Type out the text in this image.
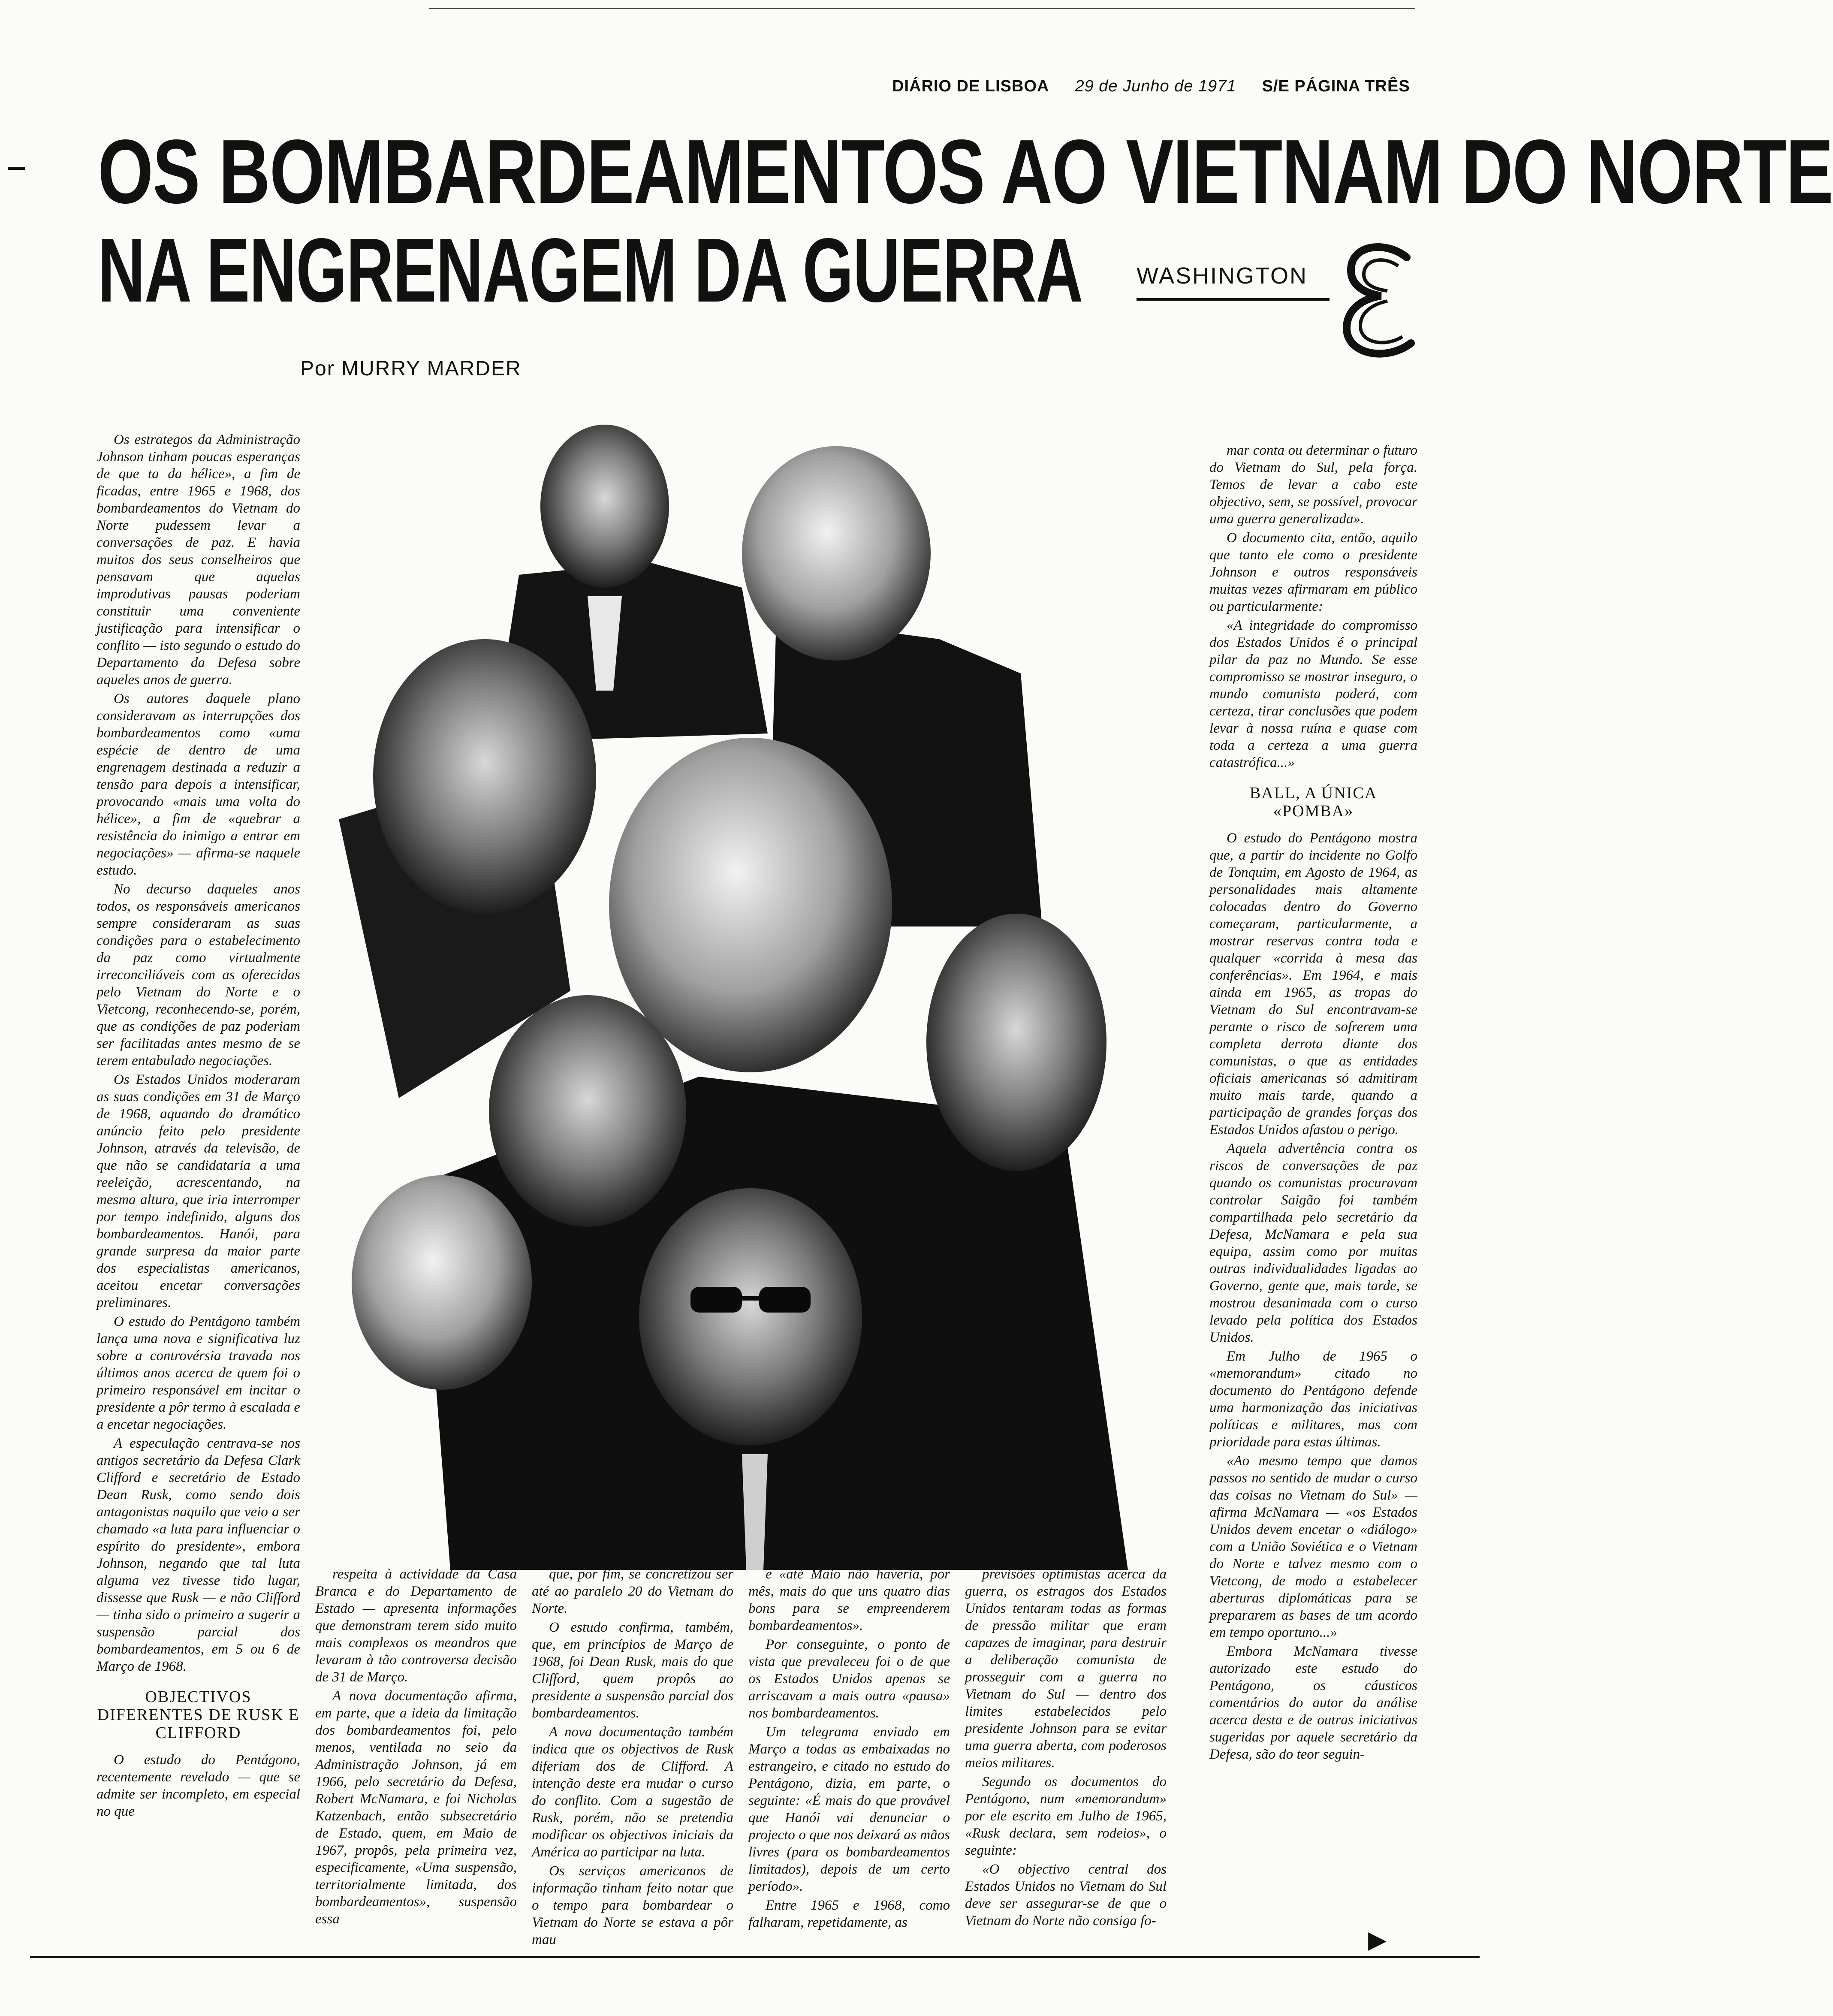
DIÁRIO DE LISBOA 29 de Junho de 1971 S/E PÁGINA TRÊS
OS BOMBARDEAMENTOS AO VIETNAM DO NORTE
NA ENGRENAGEM DA GUERRA WASHINGTON
Por MURRY MARDER

Os estrategos da Administração Johnson tinham poucas esperanças de que ta da hélice», a fim de ficadas, entre 1965 e 1968, dos bombardeamentos do Vietnam do Norte pudessem levar a conversações de paz. E havia muitos dos seus conselheiros que pensavam que aquelas improdutivas pausas poderiam constituir uma conveniente justificação para intensificar o conflito — isto segundo o estudo do Departamento da Defesa sobre aqueles anos de guerra.

Os autores daquele plano consideravam as interrupções dos bombardeamentos como «uma espécie de dentro de uma engrenagem destinada a reduzir a tensão para depois a intensificar, provocando «mais uma volta do hélice», a fim de «quebrar a resistência do inimigo a entrar em negociações» — afirma-se naquele estudo.

No decurso daqueles anos todos, os responsáveis americanos sempre consideraram as suas condições para o estabelecimento da paz como virtualmente irreconciliáveis com as oferecidas pelo Vietnam do Norte e o Vietcong, reconhecendo-se, porém, que as condições de paz poderiam ser facilitadas antes mesmo de se terem entabulado negociações.

Os Estados Unidos moderaram as suas condições em 31 de Março de 1968, aquando do dramático anúncio feito pelo presidente Johnson, através da televisão, de que não se candidataria a uma reeleição, acrescentando, na mesma altura, que iria interromper por tempo indefinido, alguns dos bombardeamentos. Hanói, para grande surpresa da maior parte dos especialistas americanos, aceitou encetar conversações preliminares.

O estudo do Pentágono também lança uma nova e significativa luz sobre a controvérsia travada nos últimos anos acerca de quem foi o primeiro responsável em incitar o presidente a pôr termo à escalada e a encetar negociações.

A especulação centrava-se nos antigos secretário da Defesa Clark Clifford e secretário de Estado Dean Rusk, como sendo dois antagonistas naquilo que veio a ser chamado «a luta para influenciar o espírito do presidente», embora Johnson, negando que tal luta alguma vez tivesse tido lugar, dissesse que Rusk — e não Clifford — tinha sido o primeiro a sugerir a suspensão parcial dos bombardeamentos, em 5 ou 6 de Março de 1968.

OBJECTIVOS DIFERENTES DE RUSK E CLIFFORD

O estudo do Pentágono, recentemente revelado — que se admite ser incompleto, em especial no que

respeita à actividade da Casa Branca e do Departamento de Estado — apresenta informações que demonstram terem sido muito mais complexos os meandros que levaram à tão controversa decisão de 31 de Março.

A nova documentação afirma, em parte, que a ideia da limitação dos bombardeamentos foi, pelo menos, ventilada no seio da Administração Johnson, já em 1966, pelo secretário da Defesa, Robert McNamara, e foi Nicholas Katzenbach, então subsecretário de Estado, quem, em Maio de 1967, propôs, pela primeira vez, especificamente, «Uma suspensão, territorialmente limitada, dos bombardeamentos», suspensão essa

que, por fim, se concretizou ser até ao paralelo 20 do Vietnam do Norte.

O estudo confirma, também, que, em princípios de Março de 1968, foi Dean Rusk, mais do que Clifford, quem propôs ao presidente a suspensão parcial dos bombardeamentos.

A nova documentação também indica que os objectivos de Rusk diferiam dos de Clifford. A intenção deste era mudar o curso do conflito. Com a sugestão de Rusk, porém, não se pretendia modificar os objectivos iniciais da América ao participar na luta.

Os serviços americanos de informação tinham feito notar que o tempo para bombardear o Vietnam do Norte se estava a pôr mau

e «até Maio não haveria, por mês, mais do que uns quatro dias bons para se empreenderem bombardeamentos».

Por conseguinte, o ponto de vista que prevaleceu foi o de que os Estados Unidos apenas se arriscavam a mais outra «pausa» nos bombardeamentos.

Um telegrama enviado em Março a todas as embaixadas no estrangeiro, e citado no estudo do Pentágono, dizia, em parte, o seguinte: «É mais do que provável que Hanói vai denunciar o projecto o que nos deixará as mãos livres (para os bombardeamentos limitados), depois de um certo período».

Entre 1965 e 1968, como falharam, repetidamente, as

previsões optimistas acerca da guerra, os estragos dos Estados Unidos tentaram todas as formas de pressão militar que eram capazes de imaginar, para destruir a deliberação comunista de prosseguir com a guerra no Vietnam do Sul — dentro dos limites estabelecidos pelo presidente Johnson para se evitar uma guerra aberta, com poderosos meios militares.

Segundo os documentos do Pentágono, num «memorandum» por ele escrito em Julho de 1965, «Rusk declara, sem rodeios», o seguinte:

«O objectivo central dos Estados Unidos no Vietnam do Sul deve ser assegurar-se de que o Vietnam do Norte não consiga fo-

mar conta ou determinar o futuro do Vietnam do Sul, pela força. Temos de levar a cabo este objectivo, sem, se possível, provocar uma guerra generalizada».

O documento cita, então, aquilo que tanto ele como o presidente Johnson e outros responsáveis muitas vezes afirmaram em público ou particularmente:

«A integridade do compromisso dos Estados Unidos é o principal pilar da paz no Mundo. Se esse compromisso se mostrar inseguro, o mundo comunista poderá, com certeza, tirar conclusões que podem levar à nossa ruína e quase com toda a certeza a uma guerra catastrófica...»

BALL, A ÚNICA «POMBA»

O estudo do Pentágono mostra que, a partir do incidente no Golfo de Tonquim, em Agosto de 1964, as personalidades mais altamente colocadas dentro do Governo começaram, particularmente, a mostrar reservas contra toda e qualquer «corrida à mesa das conferências». Em 1964, e mais ainda em 1965, as tropas do Vietnam do Sul encontravam-se perante o risco de sofrerem uma completa derrota diante dos comunistas, o que as entidades oficiais americanas só admitiram muito mais tarde, quando a participação de grandes forças dos Estados Unidos afastou o perigo.

Aquela advertência contra os riscos de conversações de paz quando os comunistas procuravam controlar Saigão foi também compartilhada pelo secretário da Defesa, McNamara e pela sua equipa, assim como por muitas outras individualidades ligadas ao Governo, gente que, mais tarde, se mostrou desanimada com o curso levado pela política dos Estados Unidos.

Em Julho de 1965 o «memorandum» citado no documento do Pentágono defende uma harmonização das iniciativas políticas e militares, mas com prioridade para estas últimas.

«Ao mesmo tempo que damos passos no sentido de mudar o curso das coisas no Vietnam do Sul» — afirma McNamara — «os Estados Unidos devem encetar o «diálogo» com a União Soviética e o Vietnam do Norte e talvez mesmo com o Vietcong, de modo a estabelecer aberturas diplomáticas para se prepararem as bases de um acordo em tempo oportuno...»

Embora McNamara tivesse autorizado este estudo do Pentágono, os cáusticos comentários do autor da análise acerca desta e de outras iniciativas sugeridas por aquele secretário da Defesa, são do teor seguin-

▶
